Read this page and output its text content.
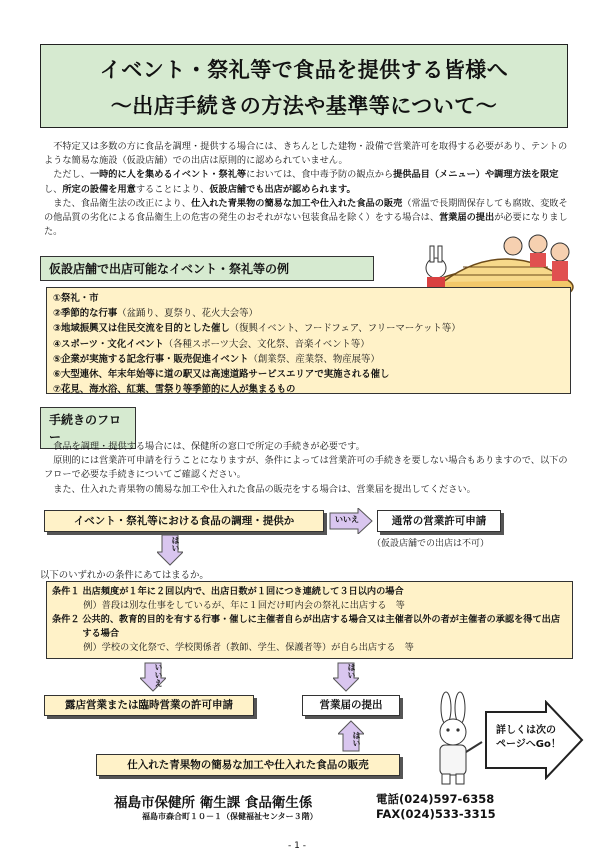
イベント・祭礼等で食品を提供する皆様へ
～出店手続きの方法や基準等について～
不特定又は多数の方に食品を調理・提供する場合には、きちんとした建物・設備で営業許可を取得する必要があり、テントのような簡易な施設（仮設店舗）での出店は原則的に認められていません。
ただし、一時的に人を集めるイベント・祭礼等においては、食中毒予防の観点から提供品目（メニュー）や調理方法を限定し、所定の設備を用意することにより、仮設店舗でも出店が認められます。
また、食品衛生法の改正により、仕入れた青果物の簡易な加工や仕入れた食品の販売（常温で長期間保存しても腐敗、変敗その他品質の劣化による食品衛生上の危害の発生のおそれがない包装食品を除く）をする場合は、営業届の提出が必要になりました。
仮設店舗で出店可能なイベント・祭礼等の例
①祭礼・市
②季節的な行事（盆踊り、夏祭り、花火大会等）
③地域振興又は住民交流を目的とした催し（復興イベント、フードフェア、フリーマーケット等）
④スポーツ・文化イベント（各種スポーツ大会、文化祭、音楽イベント等）
⑤企業が実施する記念行事・販売促進イベント（創業祭、産業祭、物産展等）
⑥大型連休、年末年始等に道の駅又は高速道路サービスエリアで実施される催し
⑦花見、海水浴、紅葉、雪祭り等季節的に人が集まるもの
手続きのフロー
食品を調理・提供する場合には、保健所の窓口で所定の手続きが必要です。
原則的には営業許可申請を行うことになりますが、条件によっては営業許可の手続きを要しない場合もありますので、以下のフローで必要な手続きについてご確認ください。
また、仕入れた青果物の簡易な加工や仕入れた食品の販売をする場合は、営業届を提出してください。
イベント・祭礼等における食品の調理・提供か	いいえ	通常の営業許可申請
（仮設店舗での出店は不可）
はい
以下のいずれかの条件にあてはまるか。
条件１ 出店頻度が１年に２回以内で、出店日数が１回につき連続して３日以内の場合
例）普段は別な仕事をしているが、年に１回だけ町内会の祭礼に出店する　等
条件２ 公共的、教育的目的を有する行事・催しに主催者自らが出店する場合又は主催者以外の者が主催者の承認を得て出店する場合
例）学校の文化祭で、学校関係者（教師、学生、保護者等）が自ら出店する　等
いいえ	はい
露店営業または臨時営業の許可申請	営業届の提出
はい
仕入れた青果物の簡易な加工や仕入れた食品の販売
詳しくは次の
ページへGo！
福島市保健所 衛生課 食品衛生係
福島市森合町１０－１（保健福祉センター３階）
電話(024)597-6358
FAX(024)533-3315
- 1 -
